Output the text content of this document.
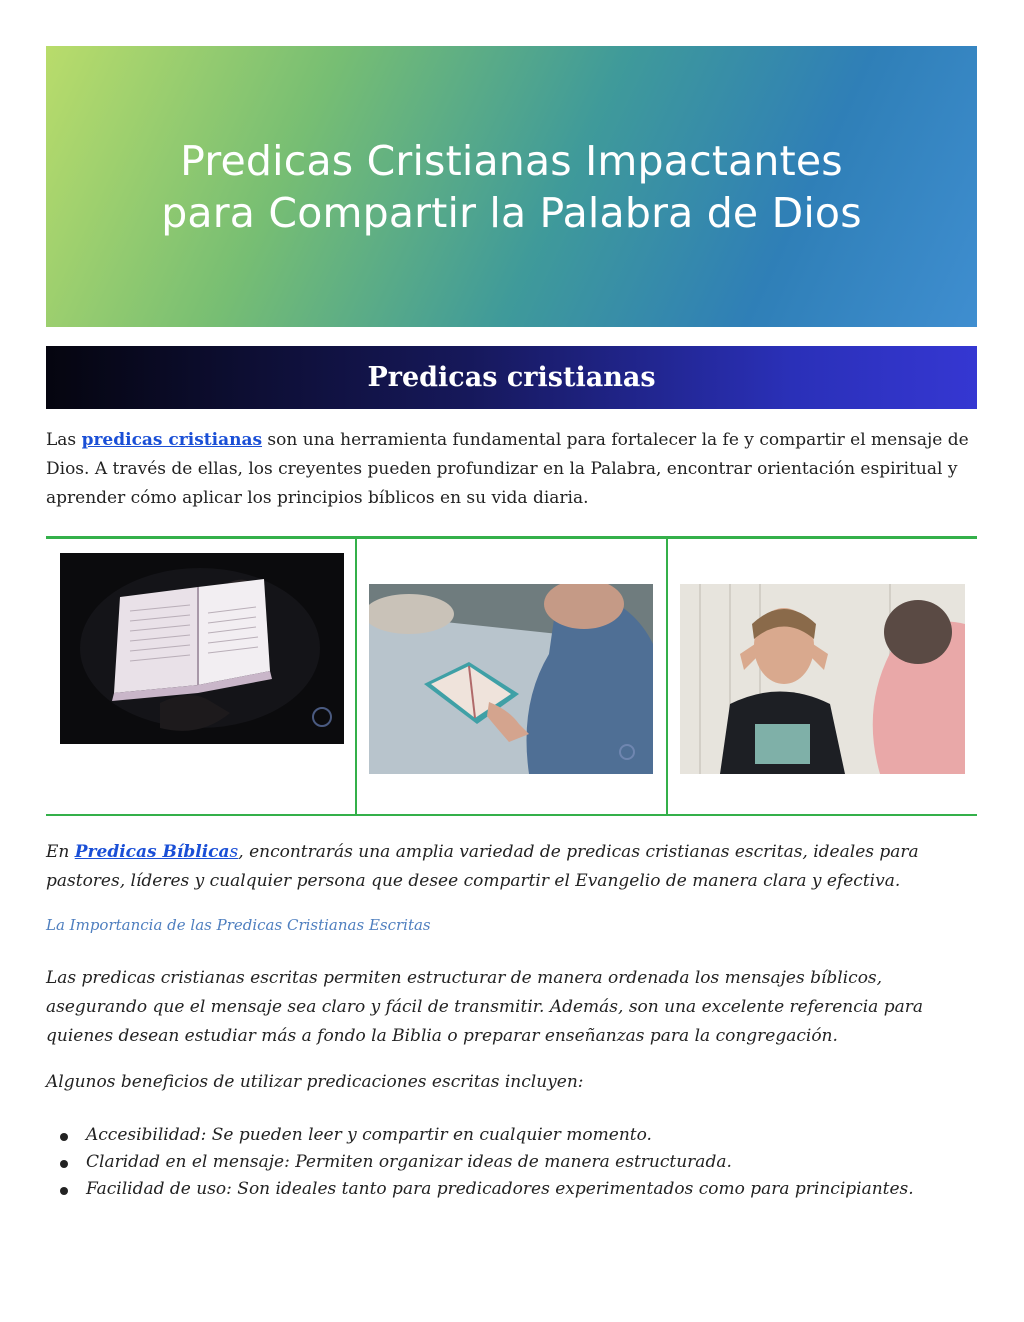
Predicas Cristianas Impactantes
para Compartir la Palabra de Dios
Predicas cristianas

Las predicas cristianas son una herramienta fundamental para fortalecer la fe y compartir el mensaje de Dios. A través de ellas, los creyentes pueden profundizar en la Palabra, encontrar orientación espiritual y aprender cómo aplicar los principios bíblicos en su vida diaria.

En Predicas Bíblicas, encontrarás una amplia variedad de predicas cristianas escritas, ideales para pastores, líderes y cualquier persona que desee compartir el Evangelio de manera clara y efectiva.

La Importancia de las Predicas Cristianas Escritas

Las predicas cristianas escritas permiten estructurar de manera ordenada los mensajes bíblicos, asegurando que el mensaje sea claro y fácil de transmitir. Además, son una excelente referencia para quienes desean estudiar más a fondo la Biblia o preparar enseñanzas para la congregación.

Algunos beneficios de utilizar predicaciones escritas incluyen:

Accesibilidad: Se pueden leer y compartir en cualquier momento.
Claridad en el mensaje: Permiten organizar ideas de manera estructurada.
Facilidad de uso: Son ideales tanto para predicadores experimentados como para principiantes.
